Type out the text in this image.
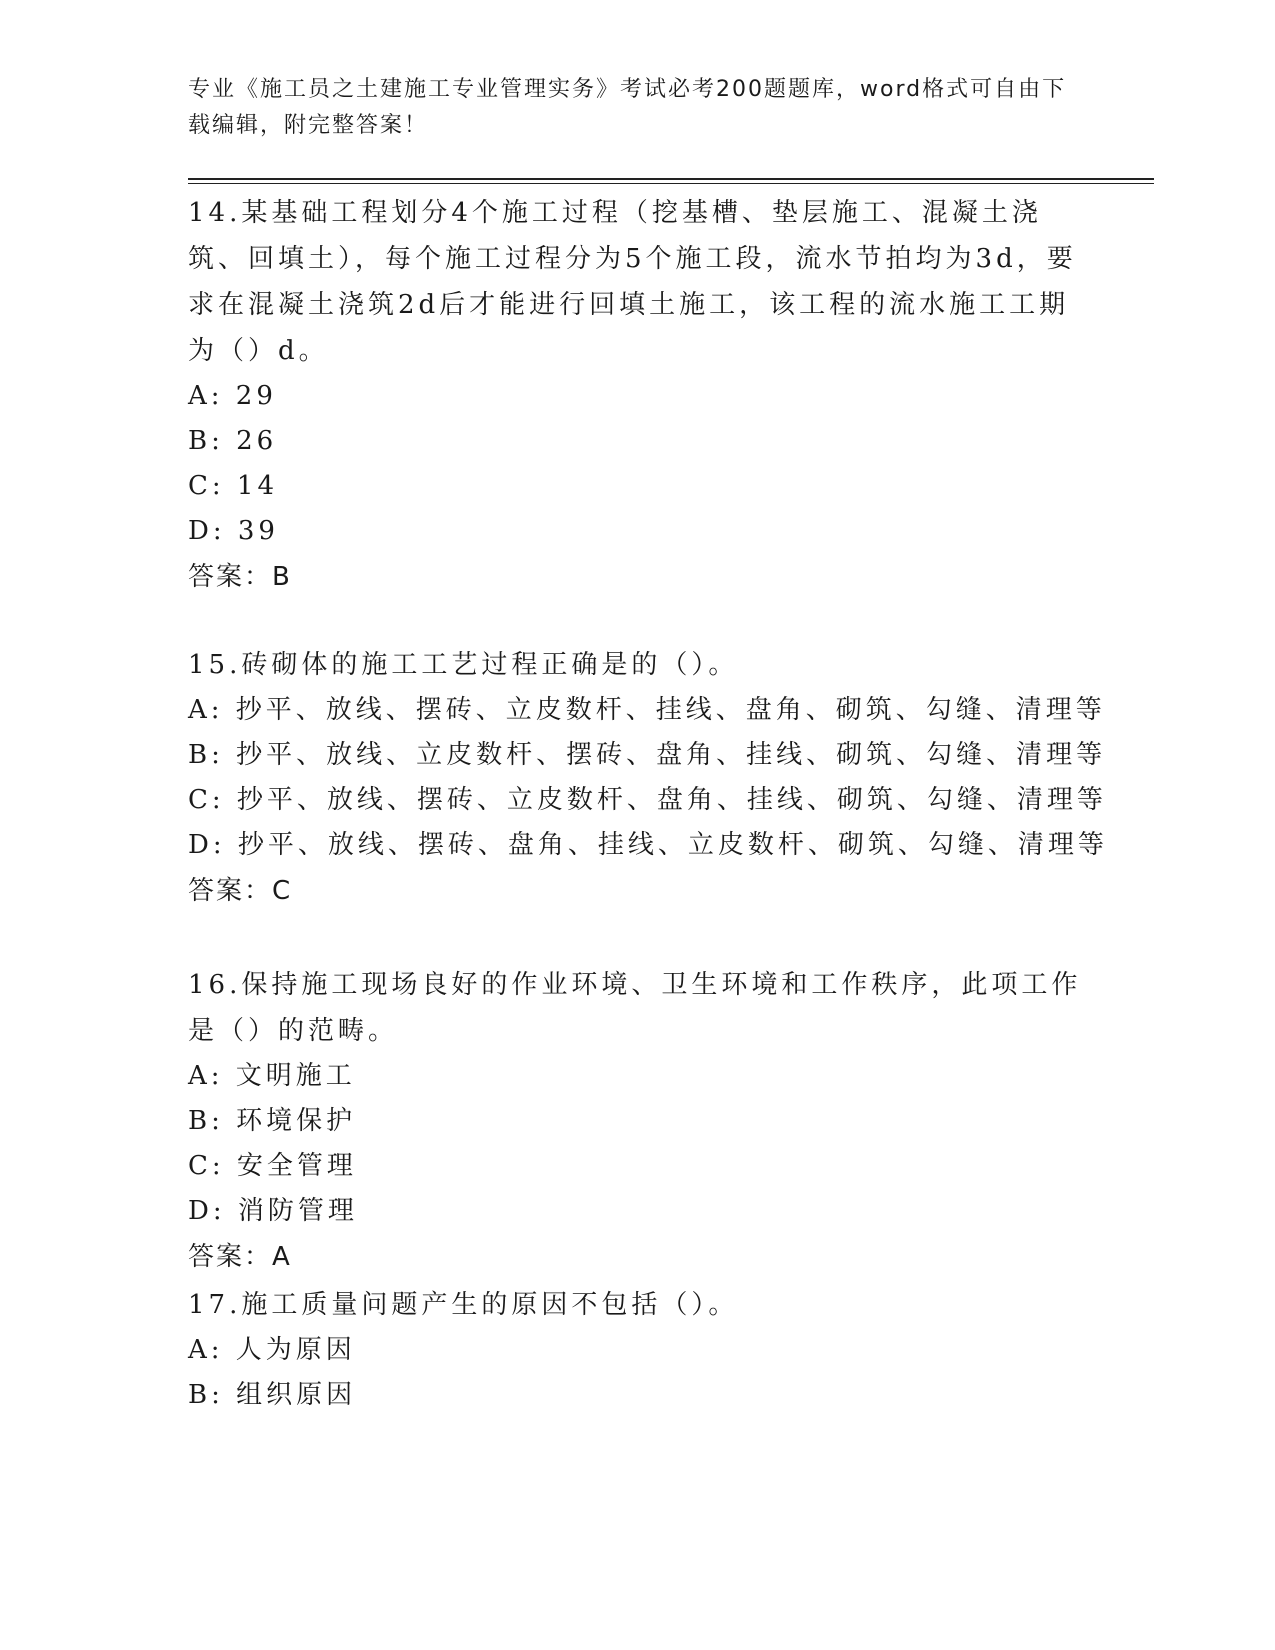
专业《施工员之土建施工专业管理实务》考试必考200题题库，word格式可自由下载编辑，附完整答案！

14.某基础工程划分4个施工过程（挖基槽、垫层施工、混凝土浇筑、回填土），每个施工过程分为5个施工段，流水节拍均为3d，要求在混凝土浇筑2d后才能进行回填土施工，该工程的流水施工工期为（）d。

A: 29

B: 26

C: 14

D: 39

答案：B

15.砖砌体的施工工艺过程正确是的（）。

A: 抄平、放线、摆砖、立皮数杆、挂线、盘角、砌筑、勾缝、清理等

B: 抄平、放线、立皮数杆、摆砖、盘角、挂线、砌筑、勾缝、清理等

C: 抄平、放线、摆砖、立皮数杆、盘角、挂线、砌筑、勾缝、清理等

D: 抄平、放线、摆砖、盘角、挂线、立皮数杆、砌筑、勾缝、清理等

答案：C

16.保持施工现场良好的作业环境、卫生环境和工作秩序，此项工作是（）的范畴。

A: 文明施工

B: 环境保护

C: 安全管理

D: 消防管理

答案：A

17.施工质量问题产生的原因不包括（）。

A: 人为原因

B: 组织原因
